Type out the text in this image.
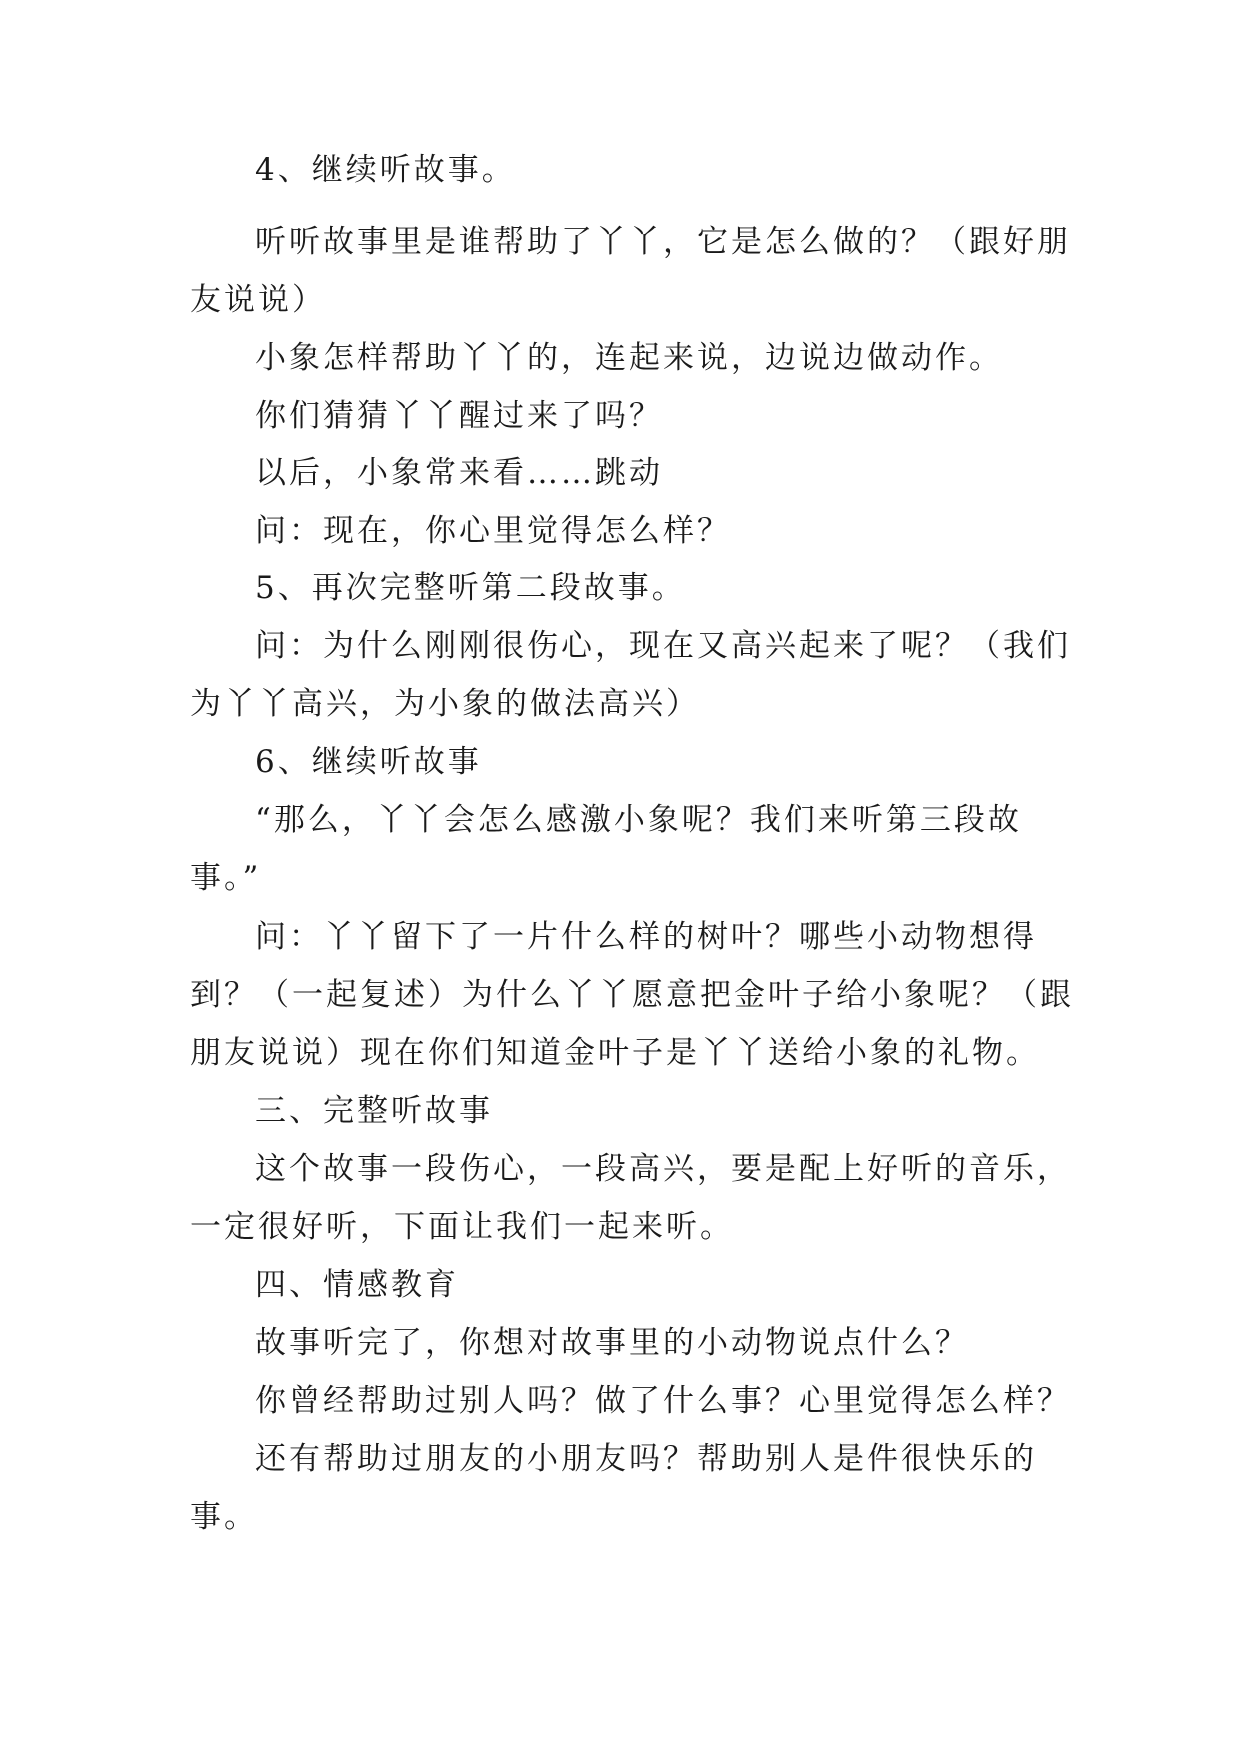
4、继续听故事。
听听故事里是谁帮助了丫丫，它是怎么做的？（跟好朋
友说说）
小象怎样帮助丫丫的，连起来说，边说边做动作。
你们猜猜丫丫醒过来了吗？
以后，小象常来看……跳动
问：现在，你心里觉得怎么样？
5、再次完整听第二段故事。
问：为什么刚刚很伤心，现在又高兴起来了呢？（我们
为丫丫高兴，为小象的做法高兴）
6、继续听故事
“那么，丫丫会怎么感激小象呢？我们来听第三段故
事。”
问：丫丫留下了一片什么样的树叶？哪些小动物想得
到？（一起复述）为什么丫丫愿意把金叶子给小象呢？（跟
朋友说说）现在你们知道金叶子是丫丫送给小象的礼物。
三、完整听故事
这个故事一段伤心，一段高兴，要是配上好听的音乐，
一定很好听，下面让我们一起来听。
四、情感教育
故事听完了，你想对故事里的小动物说点什么？
你曾经帮助过别人吗？做了什么事？心里觉得怎么样？
还有帮助过朋友的小朋友吗？帮助别人是件很快乐的
事。
